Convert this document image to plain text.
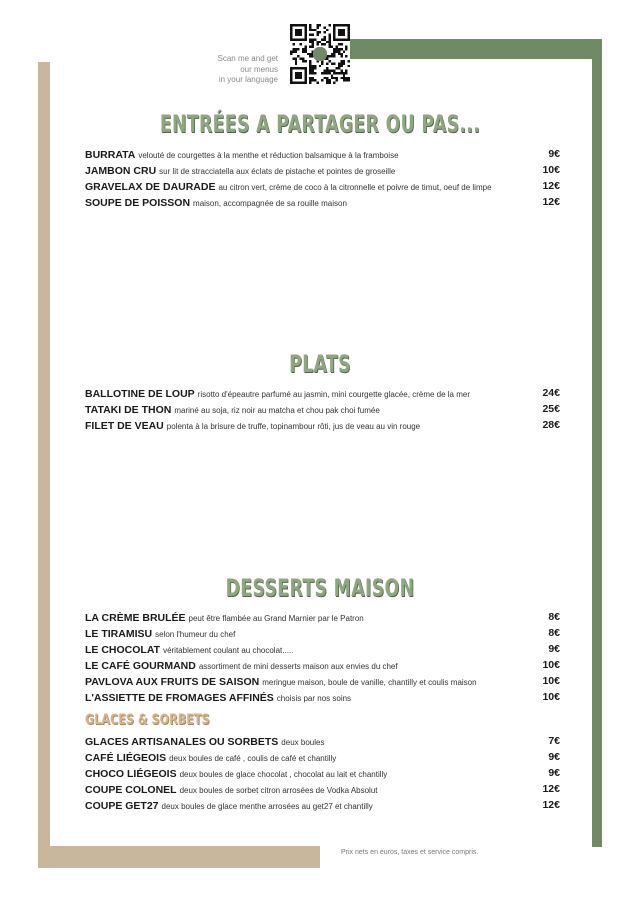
Scan me and get
our menus
in your language
ENTRÉES A PARTAGER OU PAS...
BURRATA velouté de courgettes à la menthe et réduction balsamique à la framboise	9€
JAMBON CRU sur lit de stracciatella aux éclats de pistache et pointes de groseille	10€
GRAVELAX DE DAURADE au citron vert, crème de coco à la citronnelle et poivre de timut, oeuf de limpe	12€
SOUPE DE POISSON maison, accompagnée de sa rouille maison	12€
PLATS
BALLOTINE DE LOUP risotto d'épeautre parfumé au jasmin, mini courgette glacée, crème de la mer	24€
TATAKI DE THON mariné au soja, riz noir au matcha et chou pak choi fumée	25€
FILET DE VEAU polenta à la brisure de truffe, topinambour rôti, jus de veau au vin rouge	28€
DESSERTS MAISON
LA CRÈME BRULÉE peut être flambée au Grand Marnier par le Patron	8€
LE TIRAMISU selon l'humeur du chef	8€
LE CHOCOLAT véritablement coulant au chocolat.....	9€
LE CAFÉ GOURMAND assortiment de mini desserts maison aux envies du chef	10€
PAVLOVA AUX FRUITS DE SAISON meringue maison, boule de vanille, chantilly et coulis maison	10€
L'ASSIETTE DE FROMAGES AFFINÉS choisis par nos soins	10€
GLACES & SORBETS
GLACES ARTISANALES OU SORBETS deux boules	7€
CAFÉ LIÉGEOIS deux boules de café , coulis de café et chantilly	9€
CHOCO LIÉGEOIS deux boules de glace chocolat , chocolat au lait et chantilly	9€
COUPE COLONEL deux boules de sorbet citron arrosées de Vodka Absolut	12€
COUPE GET27 deux boules de glace menthe arrosées au get27 et chantilly	12€
Prix nets en euros, taxes et service compris.
